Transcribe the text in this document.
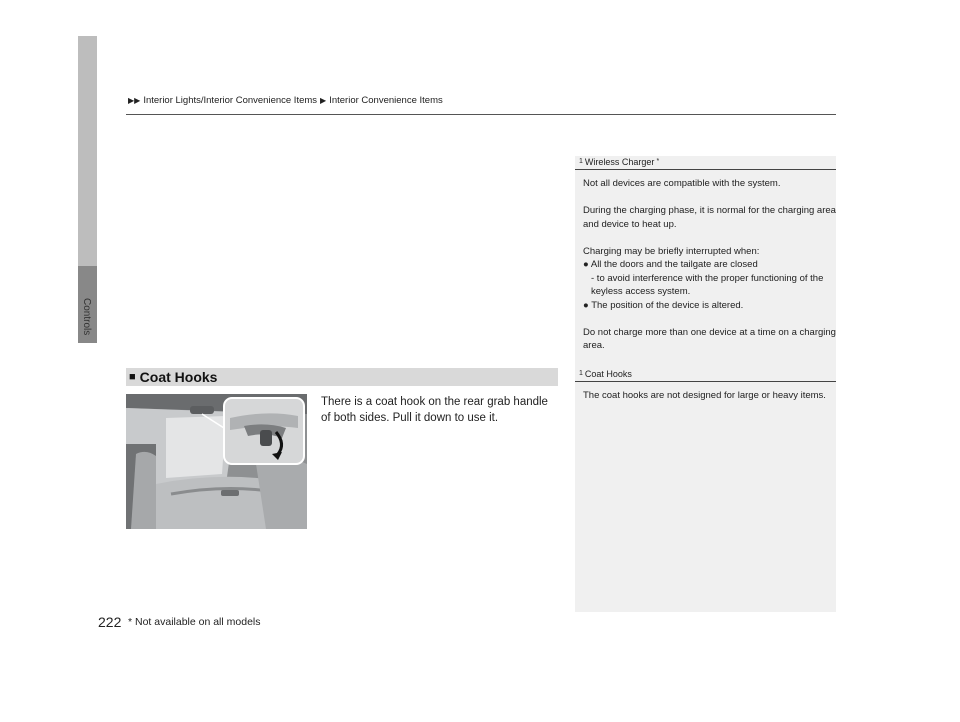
Controls
▶▶ Interior Lights/Interior Convenience Items ▶ Interior Convenience Items
1 Wireless Charger *

Not all devices are compatible with the system.

During the charging phase, it is normal for the charging area and device to heat up.

Charging may be briefly interrupted when:

● All the doors and the tailgate are closed

- to avoid interference with the proper functioning of the keyless access system.

● The position of the device is altered.

Do not charge more than one device at a time on a charging area.

■ Coat Hooks	1 Coat Hooks

The coat hooks are not designed for large or heavy items.

There is a coat hook on the rear grab handle of both sides. Pull it down to use it.
222 * Not available on all models
